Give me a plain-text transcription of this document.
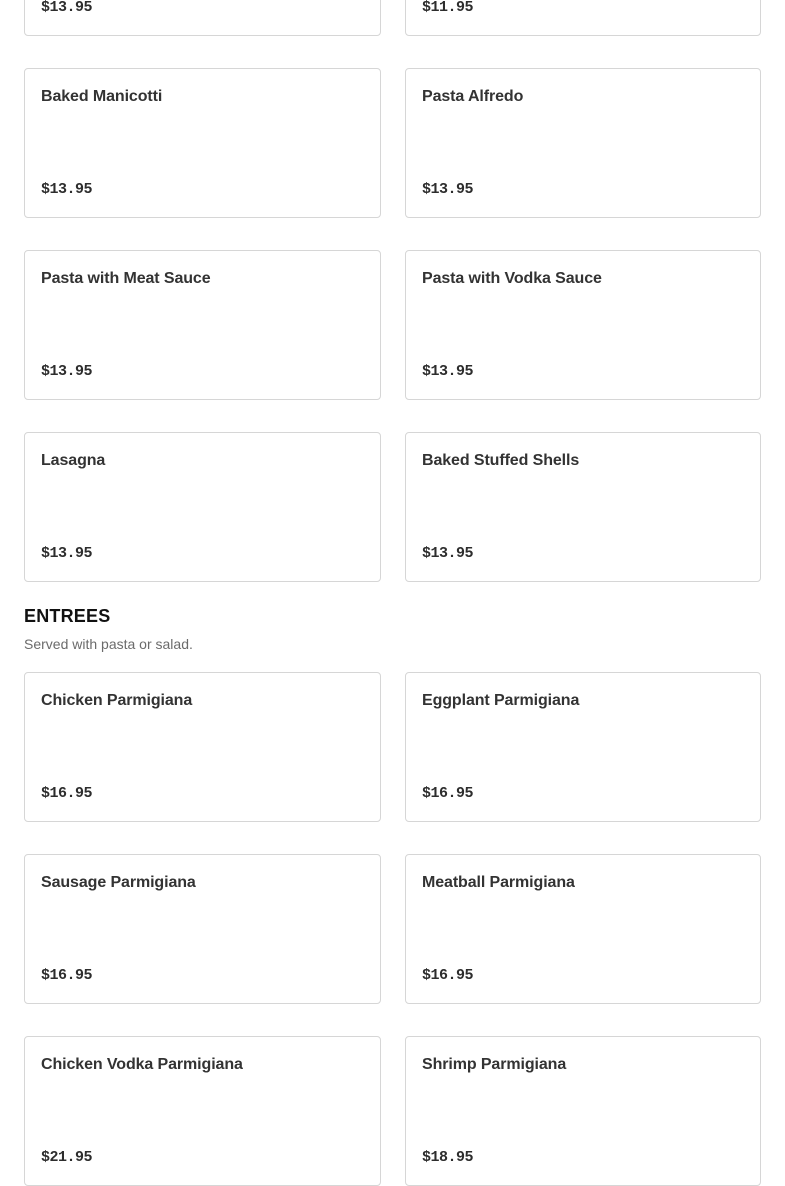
$13.95	$11.95
Baked Manicotti
$13.95
Pasta Alfredo
$13.95
Pasta with Meat Sauce
$13.95
Pasta with Vodka Sauce
$13.95
Lasagna
$13.95
Baked Stuffed Shells
$13.95
ENTREES

Served with pasta or salad.

Chicken Parmigiana
$16.95
Eggplant Parmigiana
$16.95
Sausage Parmigiana
$16.95
Meatball Parmigiana
$16.95
Chicken Vodka Parmigiana
$21.95
Shrimp Parmigiana
$18.95
